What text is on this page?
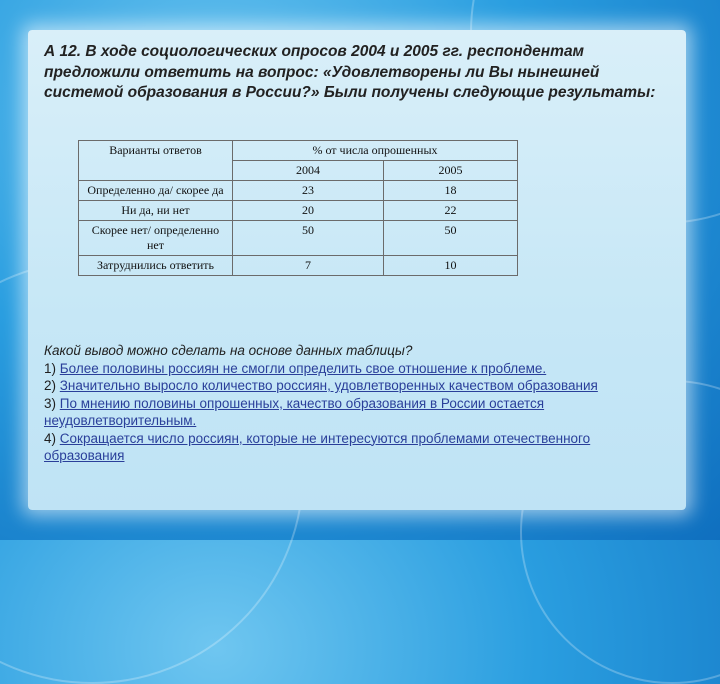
А 12. В ходе социологических опросов 2004 и 2005 гг. респондентам предложили ответить на вопрос: «Удовлетворены ли Вы нынешней системой образования в России?» Были получены следующие результаты:

Варианты ответов	% от числа опрошенных	
	2004	2005
Определенно да/ скорее да	23	18
Ни да, ни нет	20	22
Скорее нет/ определенно нет	50	50
Затруднились ответить	7	10
Какой вывод можно сделать на основе данных таблицы?
1) Более половины россиян не смогли определить свое отношение к проблеме.
2) Значительно выросло количество россиян, удовлетворенных качеством образования
3) По мнению половины опрошенных, качество образования в России остается неудовлетворительным.
4) Сокращается число россиян, которые не интересуются проблемами отечественного образования
